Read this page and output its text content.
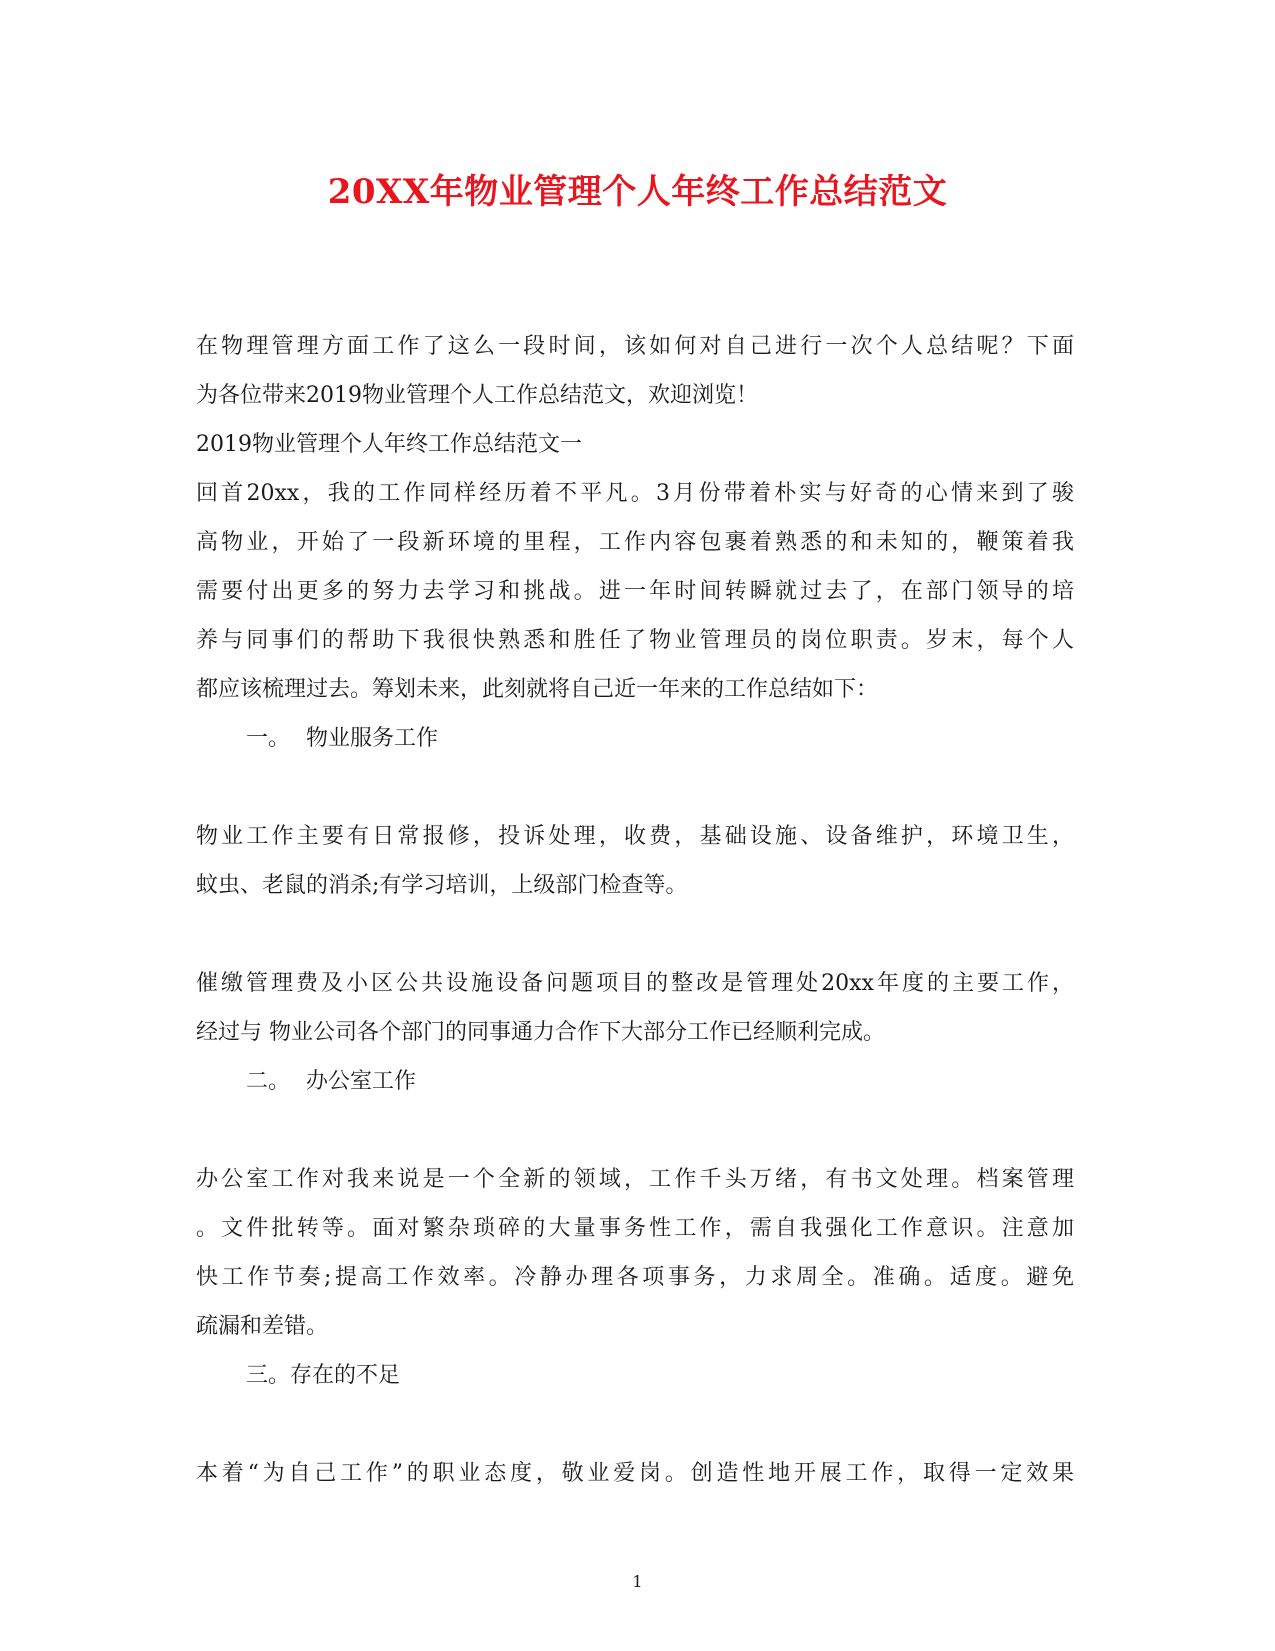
20XX年物业管理个人年终工作总结范文
在物理管理方面工作了这么一段时间，该如何对自己进行一次个人总结呢？下面
为各位带来2019物业管理个人工作总结范文，欢迎浏览！
2019物业管理个人年终工作总结范文一
回首20xx，我的工作同样经历着不平凡。3月份带着朴实与好奇的心情来到了骏
高物业，开始了一段新环境的里程，工作内容包裹着熟悉的和未知的，鞭策着我
需要付出更多的努力去学习和挑战。进一年时间转瞬就过去了，在部门领导的培
养与同事们的帮助下我很快熟悉和胜任了物业管理员的岗位职责。岁末，每个人
都应该梳理过去。筹划未来，此刻就将自己近一年来的工作总结如下：
一。 物业服务工作
物业工作主要有日常报修，投诉处理，收费，基础设施、设备维护，环境卫生，
蚊虫、老鼠的消杀;有学习培训，上级部门检查等。
催缴管理费及小区公共设施设备问题项目的整改是管理处20xx年度的主要工作，
经过与 物业公司各个部门的同事通力合作下大部分工作已经顺利完成。
二。 办公室工作
办公室工作对我来说是一个全新的领域，工作千头万绪，有书文处理。档案管理
。文件批转等。面对繁杂琐碎的大量事务性工作，需自我强化工作意识。注意加
快工作节奏;提高工作效率。冷静办理各项事务，力求周全。准确。适度。避免
疏漏和差错。
三。存在的不足
本着“为自己工作”的职业态度，敬业爱岗。创造性地开展工作，取得一定效果
1
